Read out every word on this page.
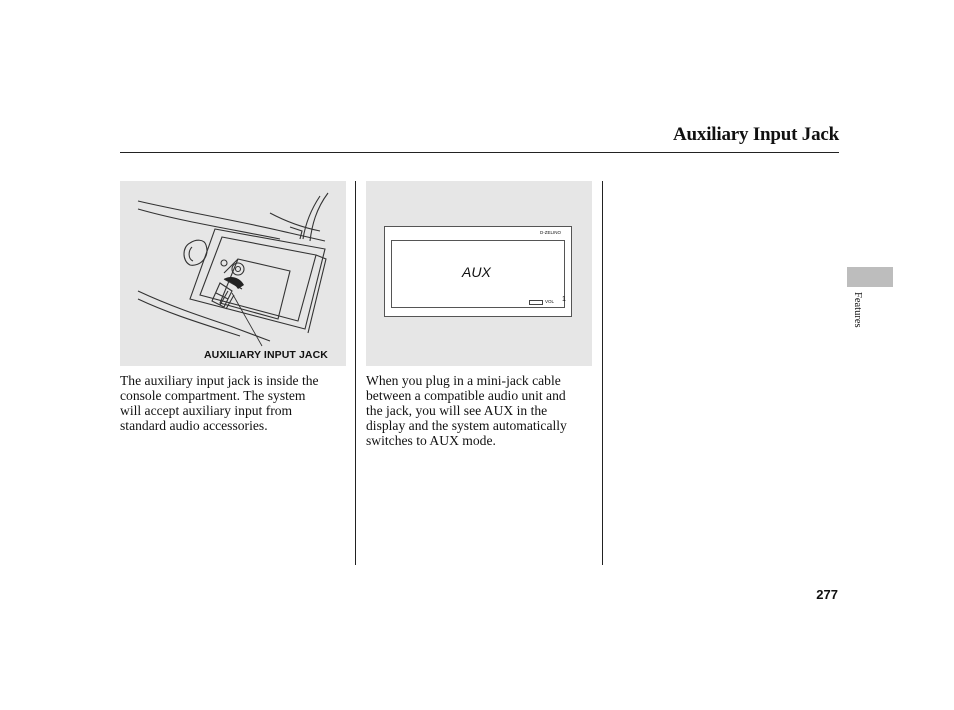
Auxiliary Input Jack
AUXILIARY INPUT JACK
D-ZELINO
AUX
VOL 1
The auxiliary input jack is inside the
console compartment. The system
will accept auxiliary input from
standard audio accessories.
When you plug in a mini-jack cable
between a compatible audio unit and
the jack, you will see AUX in the
display and the system automatically
switches to AUX mode.
Features
277
